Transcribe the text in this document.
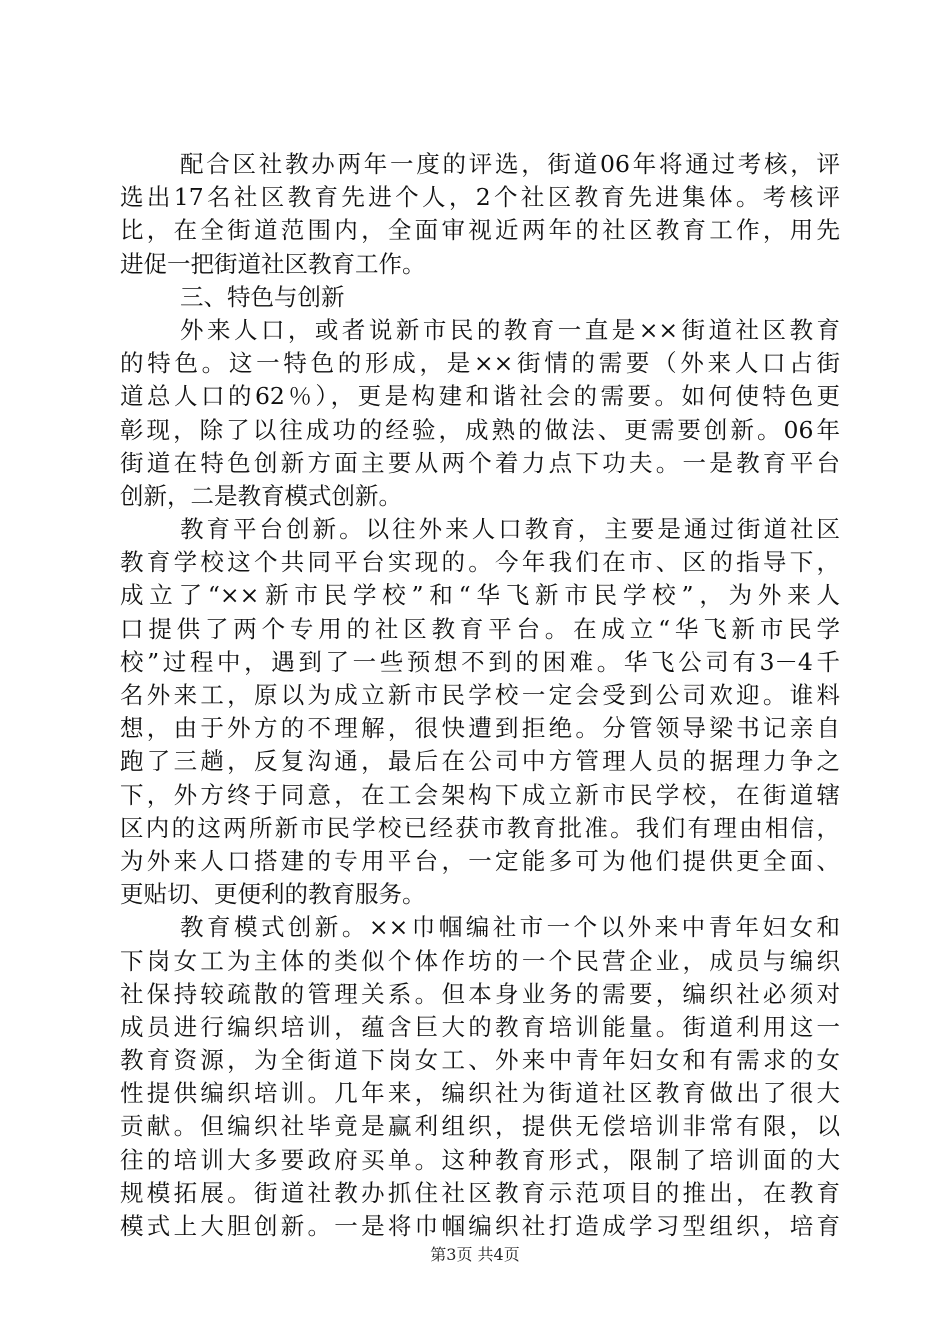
配合区社教办两年一度的评选，街道06年将通过考核，评
选出17名社区教育先进个人，2个社区教育先进集体。考核评
比，在全街道范围内，全面审视近两年的社区教育工作，用先
进促一把街道社区教育工作。
三、特色与创新
外来人口，或者说新市民的教育一直是××街道社区教育
的特色。这一特色的形成，是××街情的需要（外来人口占街
道总人口的62％），更是构建和谐社会的需要。如何使特色更
彰现，除了以往成功的经验，成熟的做法、更需要创新。06年
街道在特色创新方面主要从两个着力点下功夫。一是教育平台
创新，二是教育模式创新。
教育平台创新。以往外来人口教育，主要是通过街道社区
教育学校这个共同平台实现的。今年我们在市、区的指导下，
成立了“××新市民学校”和“华飞新市民学校”，为外来人
口提供了两个专用的社区教育平台。在成立“华飞新市民学
校”过程中，遇到了一些预想不到的困难。华飞公司有3－4千
名外来工，原以为成立新市民学校一定会受到公司欢迎。谁料
想，由于外方的不理解，很快遭到拒绝。分管领导梁书记亲自
跑了三趟，反复沟通，最后在公司中方管理人员的据理力争之
下，外方终于同意，在工会架构下成立新市民学校，在街道辖
区内的这两所新市民学校已经获市教育批准。我们有理由相信，
为外来人口搭建的专用平台，一定能多可为他们提供更全面、
更贴切、更便利的教育服务。
教育模式创新。××巾帼编社市一个以外来中青年妇女和
下岗女工为主体的类似个体作坊的一个民营企业，成员与编织
社保持较疏散的管理关系。但本身业务的需要，编织社必须对
成员进行编织培训，蕴含巨大的教育培训能量。街道利用这一
教育资源，为全街道下岗女工、外来中青年妇女和有需求的女
性提供编织培训。几年来，编织社为街道社区教育做出了很大
贡献。但编织社毕竟是赢利组织，提供无偿培训非常有限，以
往的培训大多要政府买单。这种教育形式，限制了培训面的大
规模拓展。街道社教办抓住社区教育示范项目的推出，在教育
模式上大胆创新。一是将巾帼编织社打造成学习型组织，培育
第3页 共4页
